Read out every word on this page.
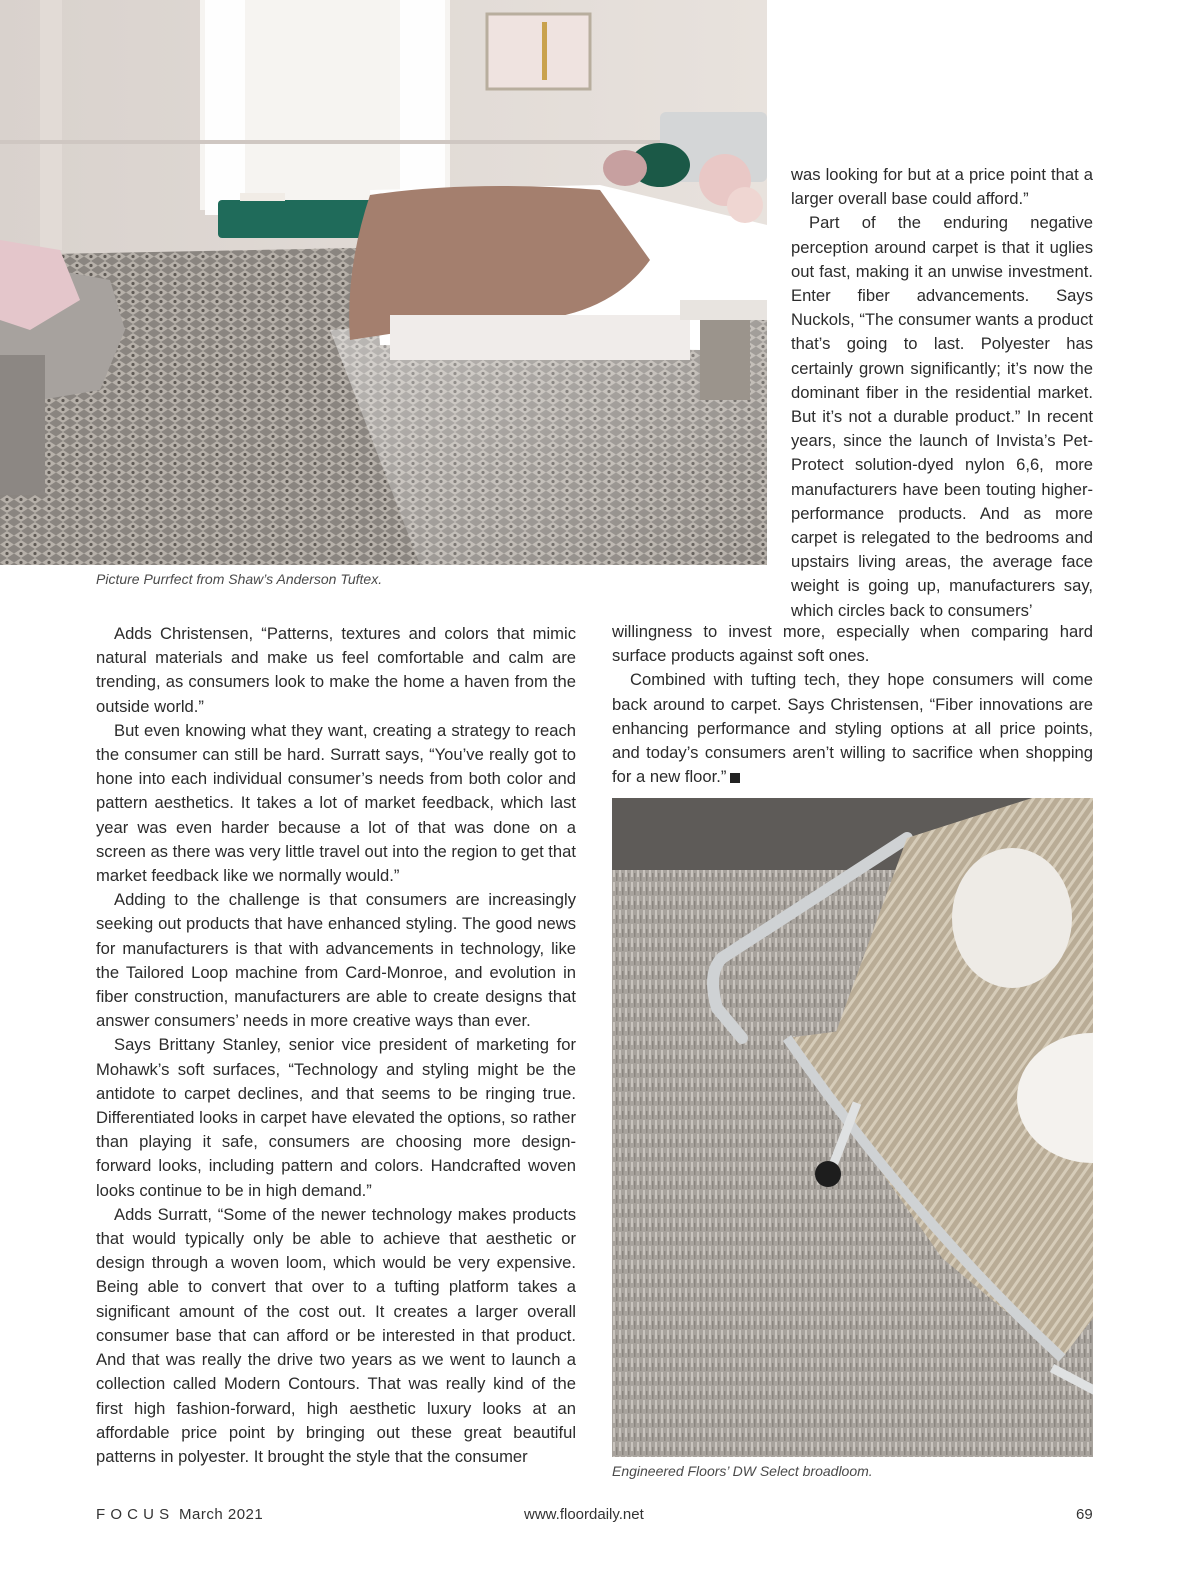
Picture Purrfect from Shaw’s Anderson Tuftex.

was looking for but at a price point that a larger overall base could afford.”

Part of the enduring negative perception around carpet is that it uglies out fast, making it an unwise investment. Enter fiber advancements. Says Nuckols, “The consumer wants a product that’s going to last. Polyester has certainly grown significantly; it’s now the dominant fiber in the residential market. But it’s not a durable product.” In recent years, since the launch of Invista’s Pet-Protect solution-dyed nylon 6,6, more manufacturers have been touting higher-performance products. And as more carpet is relegated to the bedrooms and upstairs living areas, the average face weight is going up, manufacturers say, which circles back to consumers’

willingness to invest more, especially when comparing hard surface products against soft ones.

Combined with tufting tech, they hope consumers will come back around to carpet. Says Christensen, “Fiber innovations are enhancing performance and styling options at all price points, and today’s consumers aren’t willing to sacrifice when shopping for a new floor.”

Adds Christensen, “Patterns, textures and colors that mimic natural materials and make us feel comfortable and calm are trending, as consumers look to make the home a haven from the outside world.”

But even knowing what they want, creating a strategy to reach the consumer can still be hard. Surratt says, “You’ve really got to hone into each individual consumer’s needs from both color and pattern aesthetics. It takes a lot of market feedback, which last year was even harder because a lot of that was done on a screen as there was very little travel out into the region to get that market feedback like we normally would.”

Adding to the challenge is that consumers are increasingly seeking out products that have enhanced styling. The good news for manufacturers is that with advancements in technology, like the Tailored Loop machine from Card-Monroe, and evolution in fiber construction, manufacturers are able to create designs that answer consumers’ needs in more creative ways than ever.

Says Brittany Stanley, senior vice president of marketing for Mohawk’s soft surfaces, “Technology and styling might be the antidote to carpet declines, and that seems to be ringing true. Differentiated looks in carpet have elevated the options, so rather than playing it safe, consumers are choosing more design-forward looks, including pattern and colors. Handcrafted woven looks continue to be in high demand.”

Adds Surratt, “Some of the newer technology makes products that would typically only be able to achieve that aesthetic or design through a woven loom, which would be very expensive. Being able to convert that over to a tufting platform takes a significant amount of the cost out. It creates a larger overall consumer base that can afford or be interested in that product. And that was really the drive two years as we went to launch a collection called Modern Contours. That was really kind of the first high fashion-forward, high aesthetic luxury looks at an affordable price point by bringing out these great beautiful patterns in polyester. It brought the style that the consumer

Engineered Floors’ DW Select broadloom.
F O C U S  March 2021	www.floordaily.net	69
